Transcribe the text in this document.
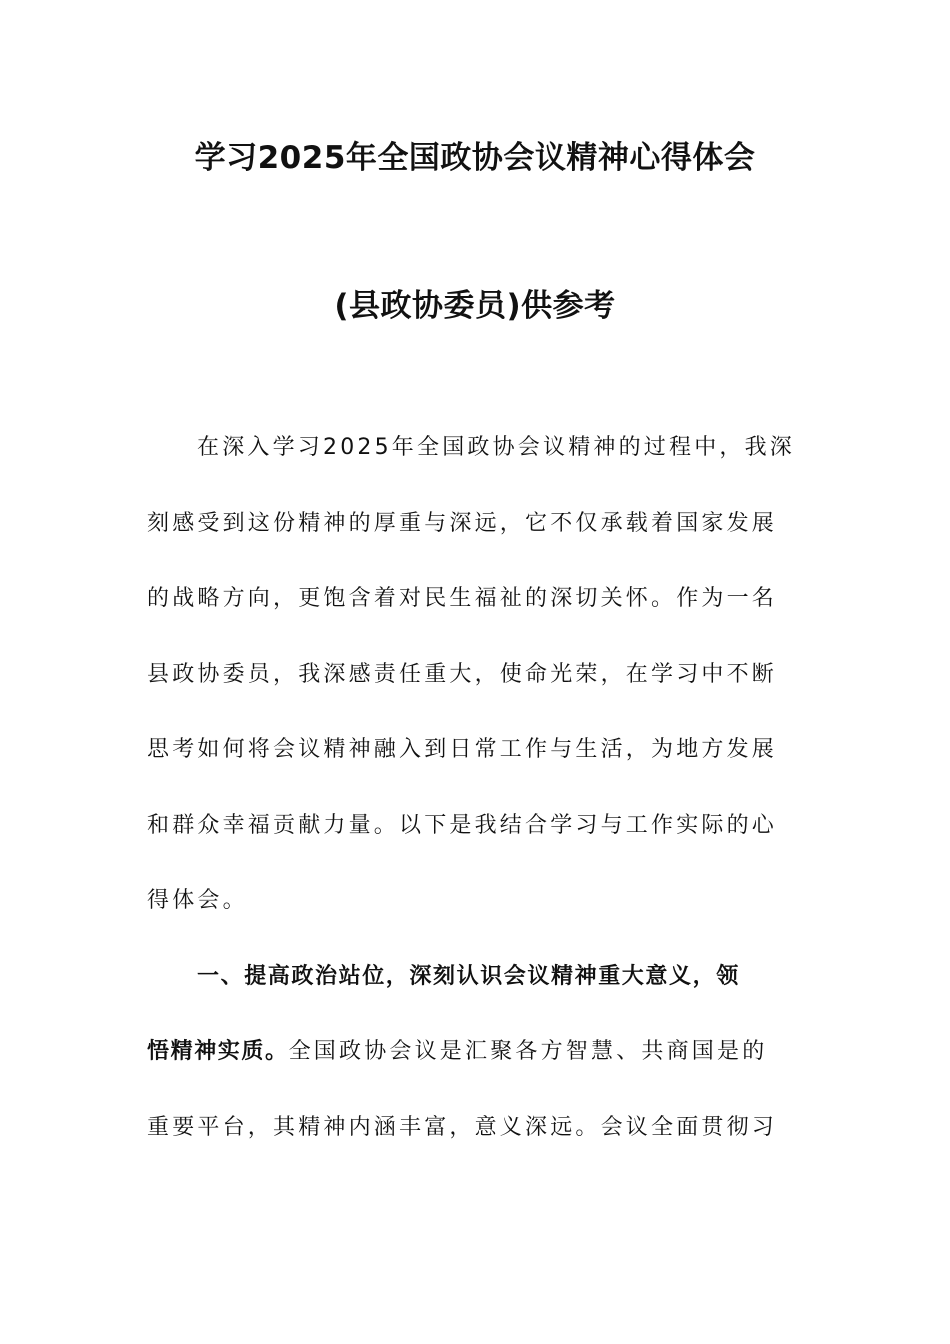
学习2025年全国政协会议精神心得体会
(县政协委员)供参考
在深入学习2025年全国政协会议精神的过程中，我深
刻感受到这份精神的厚重与深远，它不仅承载着国家发展
的战略方向，更饱含着对民生福祉的深切关怀。作为一名
县政协委员，我深感责任重大，使命光荣，在学习中不断
思考如何将会议精神融入到日常工作与生活，为地方发展
和群众幸福贡献力量。以下是我结合学习与工作实际的心
得体会。
一、提高政治站位，深刻认识会议精神重大意义，领
悟精神实质。全国政协会议是汇聚各方智慧、共商国是的
重要平台，其精神内涵丰富，意义深远。会议全面贯彻习
